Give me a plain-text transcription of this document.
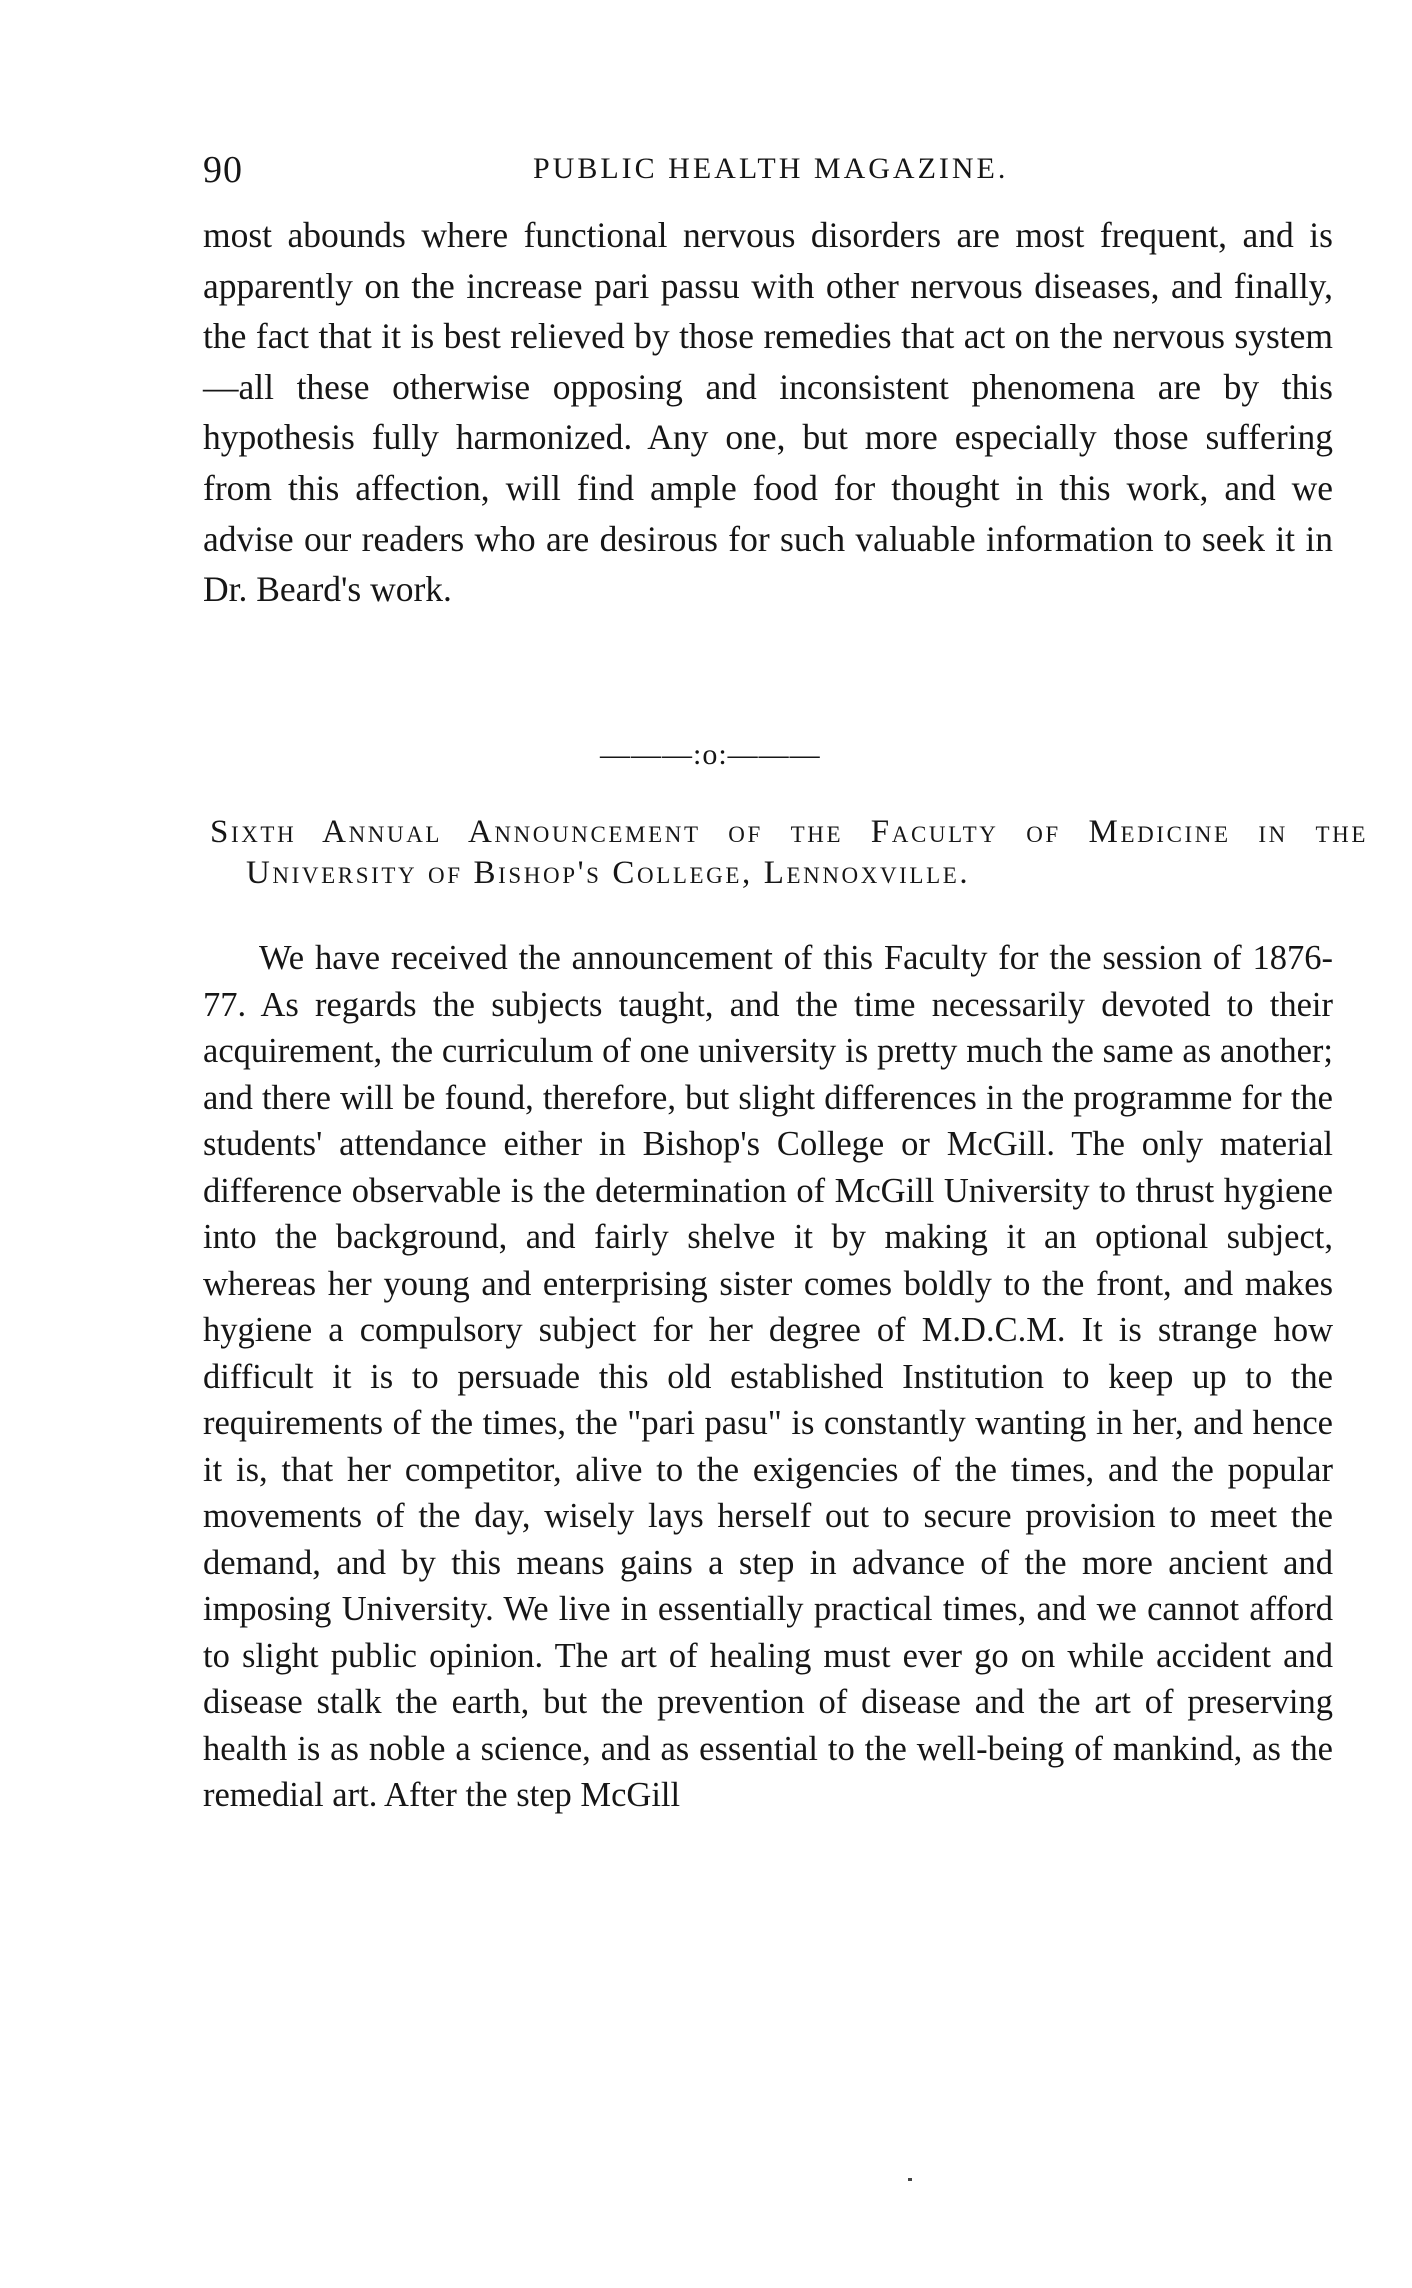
90	PUBLIC HEALTH MAGAZINE.
most abounds where functional nervous disorders are most frequent, and is apparently on the increase pari passu with other nervous diseases, and finally, the fact that it is best relieved by those remedies that act on the nervous system—all these otherwise opposing and inconsistent phenomena are by this hypothesis fully harmonized. Any one, but more especially those suffering from this affection, will find ample food for thought in this work, and we advise our readers who are desirous for such valuable information to seek it in Dr. Beard's work.
———:o:———
Sixth Annual Announcement of the Faculty of Medicine in the University of Bishop's College, Lennoxville.
We have received the announcement of this Faculty for the session of 1876-77. As regards the subjects taught, and the time necessarily devoted to their acquirement, the curriculum of one university is pretty much the same as another; and there will be found, therefore, but slight differences in the programme for the students' attendance either in Bishop's College or McGill. The only material difference observable is the determination of McGill University to thrust hygiene into the background, and fairly shelve it by making it an optional subject, whereas her young and enterprising sister comes boldly to the front, and makes hygiene a compulsory subject for her degree of M.D.C.M. It is strange how difficult it is to persuade this old established Institution to keep up to the requirements of the times, the "pari pasu" is constantly wanting in her, and hence it is, that her competitor, alive to the exigencies of the times, and the popular movements of the day, wisely lays herself out to secure provision to meet the demand, and by this means gains a step in advance of the more ancient and imposing University. We live in essentially practical times, and we cannot afford to slight public opinion. The art of healing must ever go on while accident and disease stalk the earth, but the prevention of disease and the art of preserving health is as noble a science, and as essential to the well-being of mankind, as the remedial art. After the step McGill
